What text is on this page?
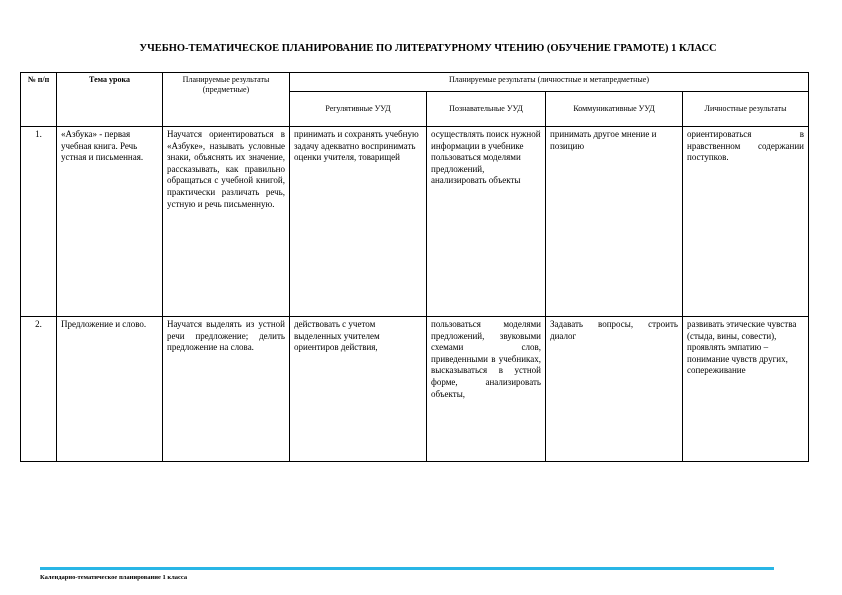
УЧЕБНО-ТЕМАТИЧЕСКОЕ ПЛАНИРОВАНИЕ ПО ЛИТЕРАТУРНОМУ ЧТЕНИЮ (ОБУЧЕНИЕ ГРАМОТЕ) 1 КЛАСС
№ п/п	Тема урока	Планируемые результаты (предметные)	Планируемые результаты (личностные и метапредметные)			
			Регулятивные УУД	Познавательные УУД	Коммуникативные УУД	Личностные результаты
1.	«Азбука» - первая учебная книга. Речь устная и письменная.	Научатся ориентироваться в «Азбуке», называть условные знаки, объяснять их значение, рассказывать, как правильно обращаться с учебной книгой, практически различать речь, устную и речь письменную.	принимать и сохранять учебную задачу адекватно воспринимать оценки учителя, товарищей	осуществлять поиск нужной информации в учебнике пользоваться моделями предложений, анализировать объекты	принимать другое мнение и позицию	ориентироваться в нравственном содержании поступков.
2.	Предложение и слово.	Научатся выделять из устной речи предложение; делить предложение на слова.	действовать с учетом выделенных учителем ориентиров действия,	пользоваться моделями предложений, звуковыми схемами слов, приведенными в учебниках, высказываться в устной форме, анализировать объекты,	Задавать вопросы, строить диалог	развивать этические чувства (стыда, вины, совести), проявлять эмпатию – понимание чувств других, сопереживание
Календарно-тематическое планирование 1 класса
